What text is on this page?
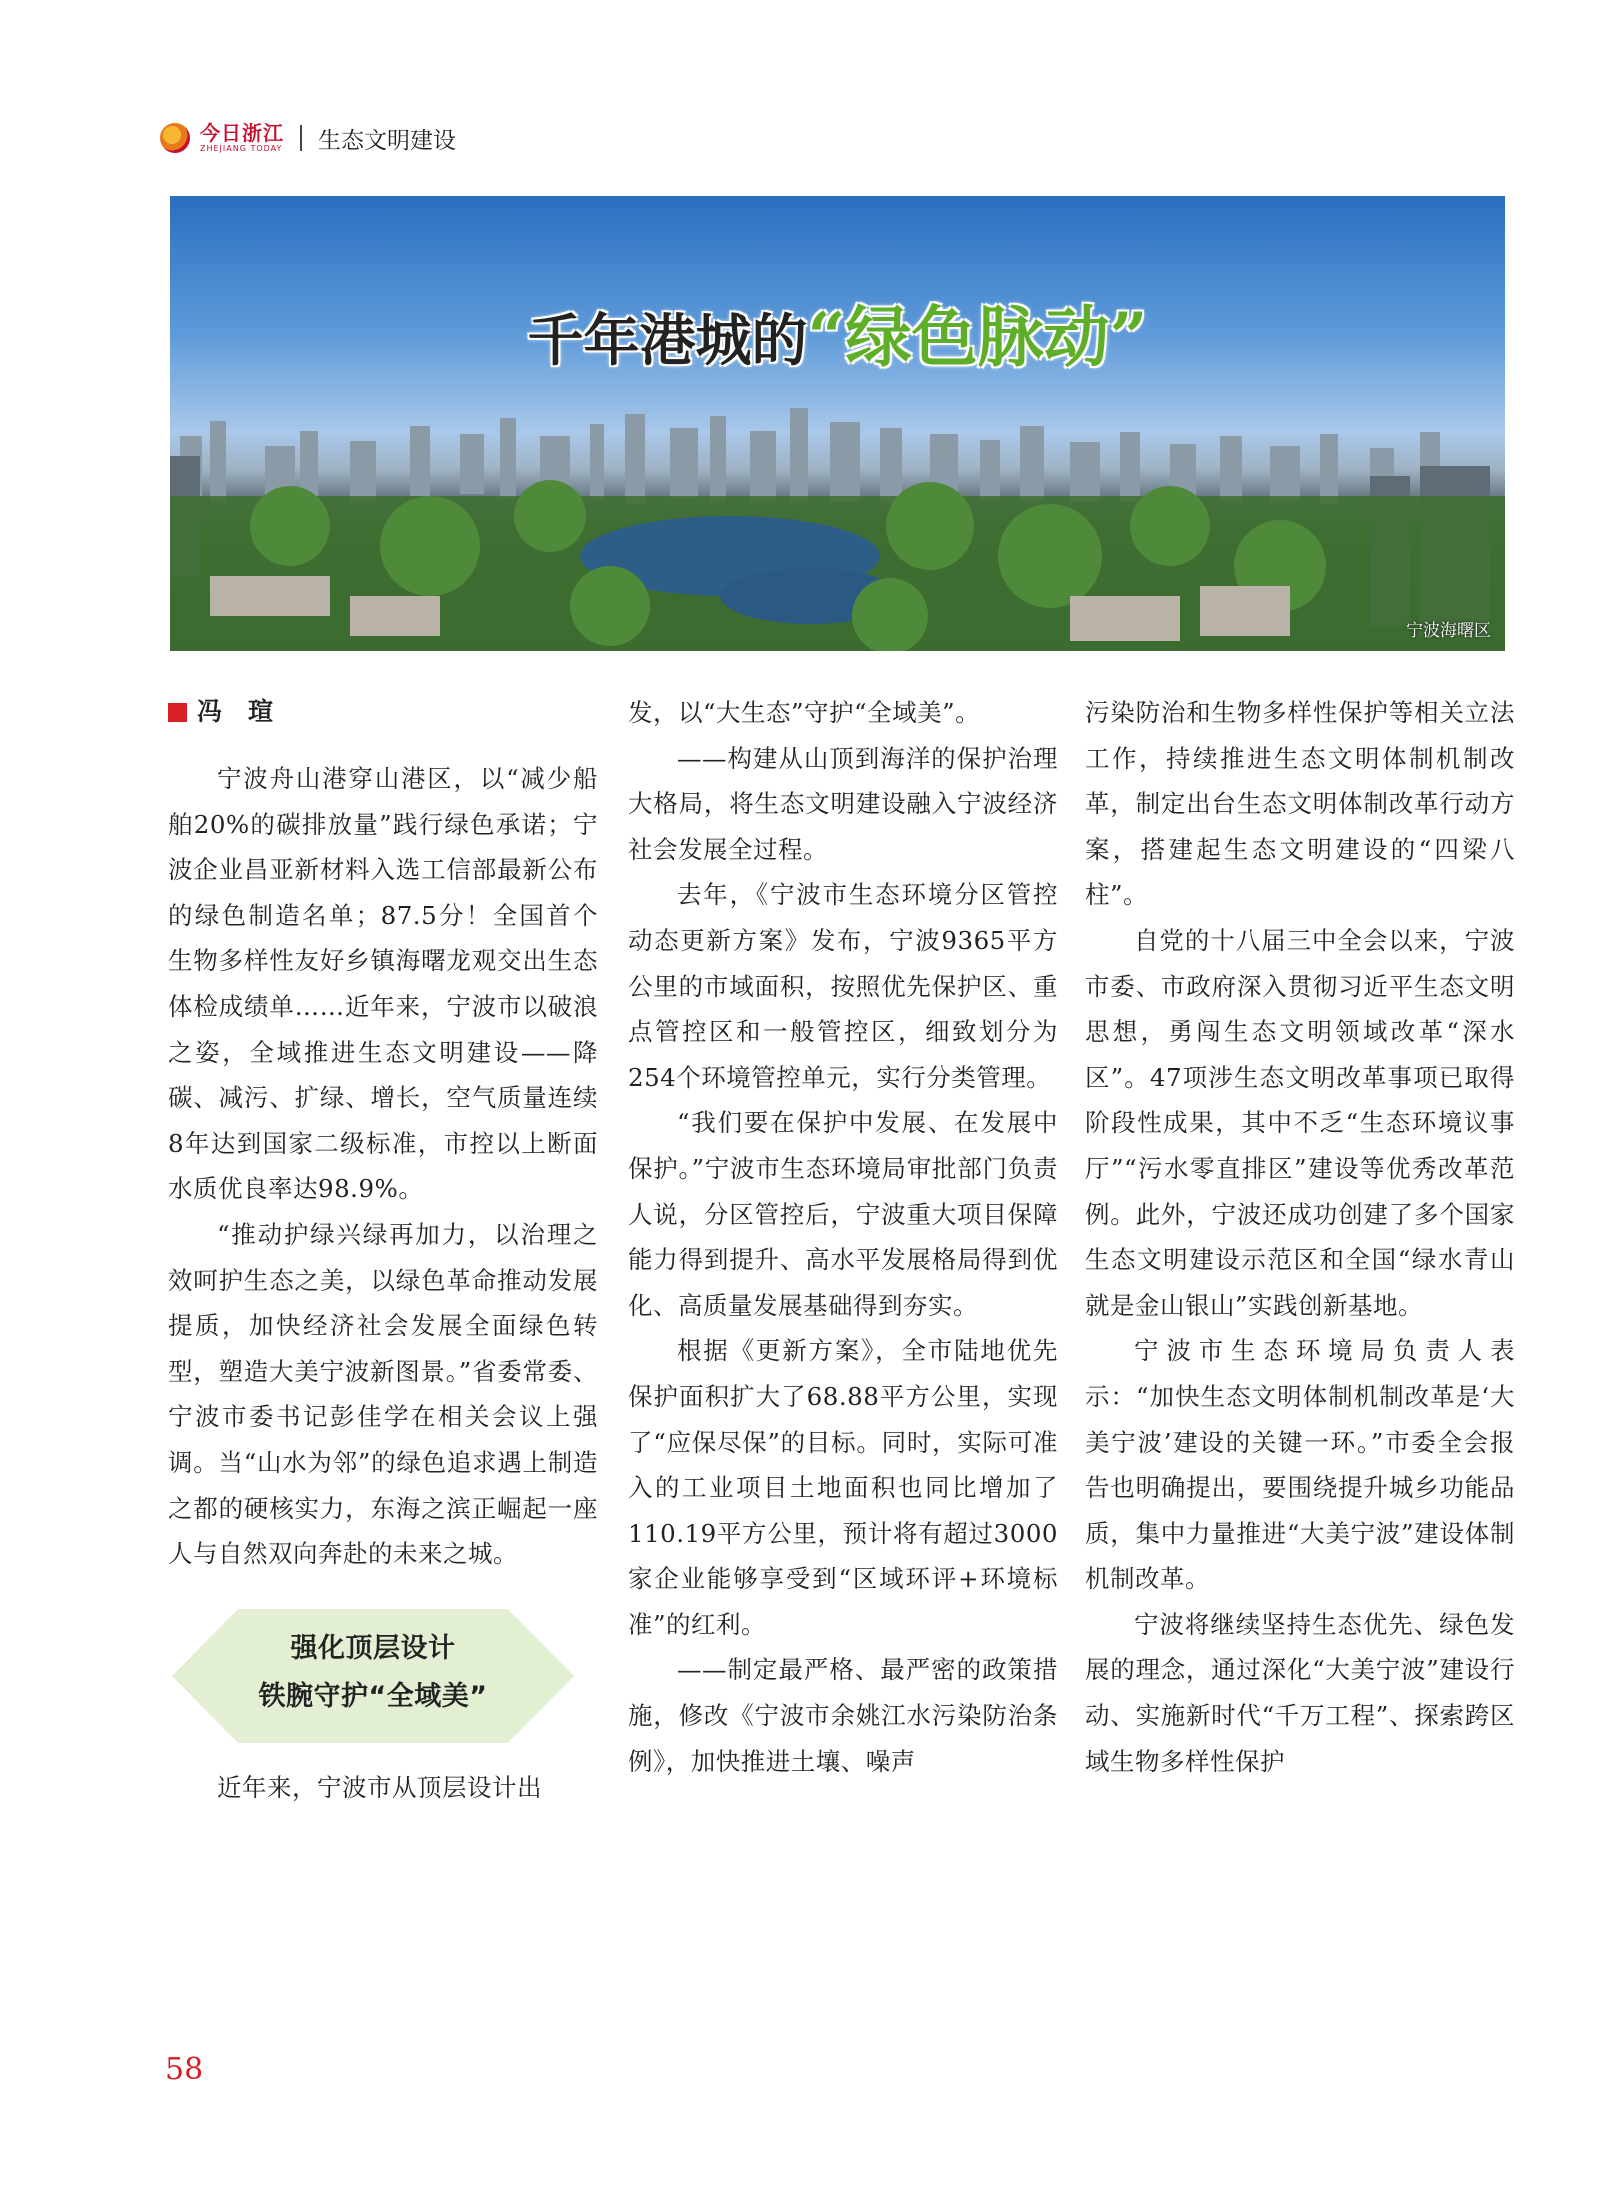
今日浙江
ZHEJIANG TODAY 生态文明建设
千年港城的“绿色脉动”
宁波海曙区
冯　瑄

宁波舟山港穿山港区，以“减少船舶20%的碳排放量”践行绿色承诺；宁波企业昌亚新材料入选工信部最新公布的绿色制造名单；87.5分！全国首个生物多样性友好乡镇海曙龙观交出生态体检成绩单……近年来，宁波市以破浪之姿，全域推进生态文明建设——降碳、减污、扩绿、增长，空气质量连续8年达到国家二级标准，市控以上断面水质优良率达98.9%。

“推动护绿兴绿再加力，以治理之效呵护生态之美，以绿色革命推动发展提质，加快经济社会发展全面绿色转型，塑造大美宁波新图景。”省委常委、宁波市委书记彭佳学在相关会议上强调。当“山水为邻”的绿色追求遇上制造之都的硬核实力，东海之滨正崛起一座人与自然双向奔赴的未来之城。

强化顶层设计
铁腕守护“全域美”

近年来，宁波市从顶层设计出

发，以“大生态”守护“全域美”。

——构建从山顶到海洋的保护治理大格局，将生态文明建设融入宁波经济社会发展全过程。

去年，《宁波市生态环境分区管控动态更新方案》发布，宁波9365平方公里的市域面积，按照优先保护区、重点管控区和一般管控区，细致划分为254个环境管控单元，实行分类管理。

“我们要在保护中发展、在发展中保护。”宁波市生态环境局审批部门负责人说，分区管控后，宁波重大项目保障能力得到提升、高水平发展格局得到优化、高质量发展基础得到夯实。

根据《更新方案》，全市陆地优先保护面积扩大了68.88平方公里，实现了“应保尽保”的目标。同时，实际可准入的工业项目土地面积也同比增加了110.19平方公里，预计将有超过3000家企业能够享受到“区域环评+环境标准”的红利。

——制定最严格、最严密的政策措施，修改《宁波市余姚江水污染防治条例》，加快推进土壤、噪声

污染防治和生物多样性保护等相关立法工作，持续推进生态文明体制机制改革，制定出台生态文明体制改革行动方案，搭建起生态文明建设的“四梁八柱”。

自党的十八届三中全会以来，宁波市委、市政府深入贯彻习近平生态文明思想，勇闯生态文明领域改革“深水区”。47项涉生态文明改革事项已取得阶段性成果，其中不乏“生态环境议事厅”“污水零直排区”建设等优秀改革范例。此外，宁波还成功创建了多个国家生态文明建设示范区和全国“绿水青山就是金山银山”实践创新基地。

宁波市生态环境局负责人表示：“加快生态文明体制机制改革是‘大美宁波’建设的关键一环。”市委全会报告也明确提出，要围绕提升城乡功能品质，集中力量推进“大美宁波”建设体制机制改革。

宁波将继续坚持生态优先、绿色发展的理念，通过深化“大美宁波”建设行动、实施新时代“千万工程”、探索跨区域生物多样性保护

58
